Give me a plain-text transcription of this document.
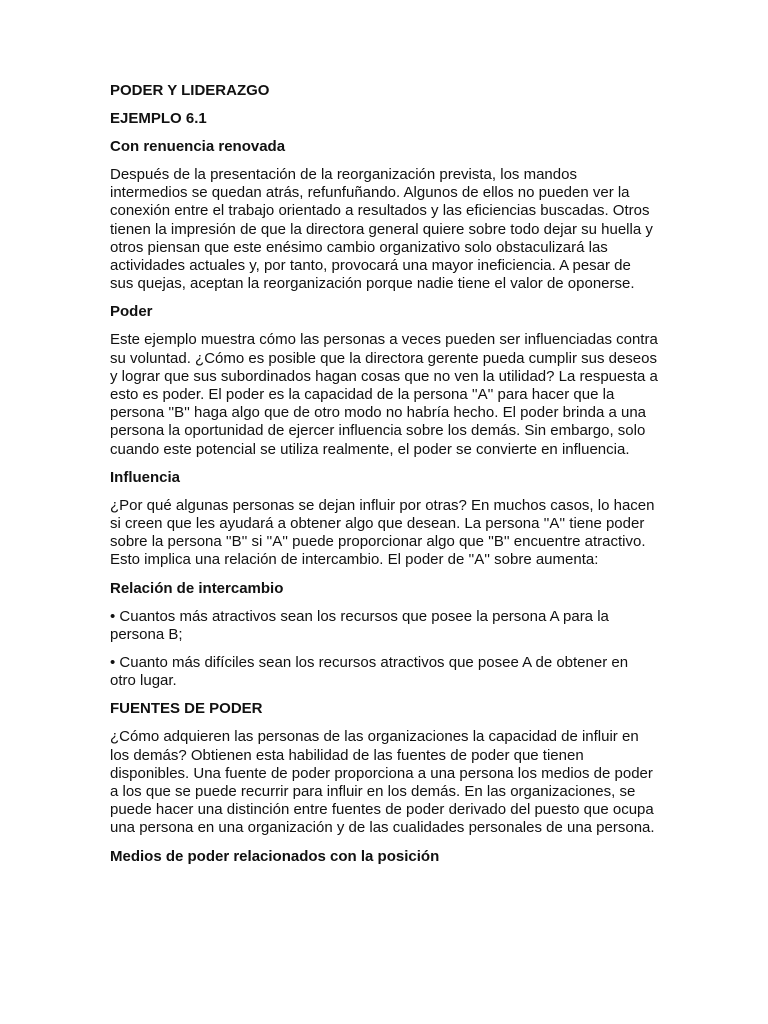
PODER Y LIDERAZGO
EJEMPLO 6.1
Con renuencia renovada
Después de la presentación de la reorganización prevista, los mandos intermedios se quedan atrás, refunfuñando. Algunos de ellos no pueden ver la conexión entre el trabajo orientado a resultados y las eficiencias buscadas. Otros tienen la impresión de que la directora general quiere sobre todo dejar su huella y otros piensan que este enésimo cambio organizativo solo obstaculizará las actividades actuales y, por tanto, provocará una mayor ineficiencia. A pesar de sus quejas, aceptan la reorganización porque nadie tiene el valor de oponerse.
Poder
Este ejemplo muestra cómo las personas a veces pueden ser influenciadas contra su voluntad. ¿Cómo es posible que la directora gerente pueda cumplir sus deseos y lograr que sus subordinados hagan cosas que no ven la utilidad? La respuesta a esto es poder. El poder es la capacidad de la persona ''A'' para hacer que la persona ''B'' haga algo que de otro modo no habría hecho. El poder brinda a una persona la oportunidad de ejercer influencia sobre los demás. Sin embargo, solo cuando este potencial se utiliza realmente, el poder se convierte en influencia.
Influencia
¿Por qué algunas personas se dejan influir por otras? En muchos casos, lo hacen si creen que les ayudará a obtener algo que desean. La persona ''A'' tiene poder sobre la persona ''B'' si ''A'' puede proporcionar algo que ''B'' encuentre atractivo. Esto implica una relación de intercambio. El poder de ''A'' sobre aumenta:
Relación de intercambio
• Cuantos más atractivos sean los recursos que posee la persona A para la persona B;
• Cuanto más difíciles sean los recursos atractivos que posee A de obtener en otro lugar.
FUENTES DE PODER
¿Cómo adquieren las personas de las organizaciones la capacidad de influir en los demás? Obtienen esta habilidad de las fuentes de poder que tienen disponibles. Una fuente de poder proporciona a una persona los medios de poder a los que se puede recurrir para influir en los demás. En las organizaciones, se puede hacer una distinción entre fuentes de poder derivado del puesto que ocupa una persona en una organización y de las cualidades personales de una persona.
Medios de poder relacionados con la posición
